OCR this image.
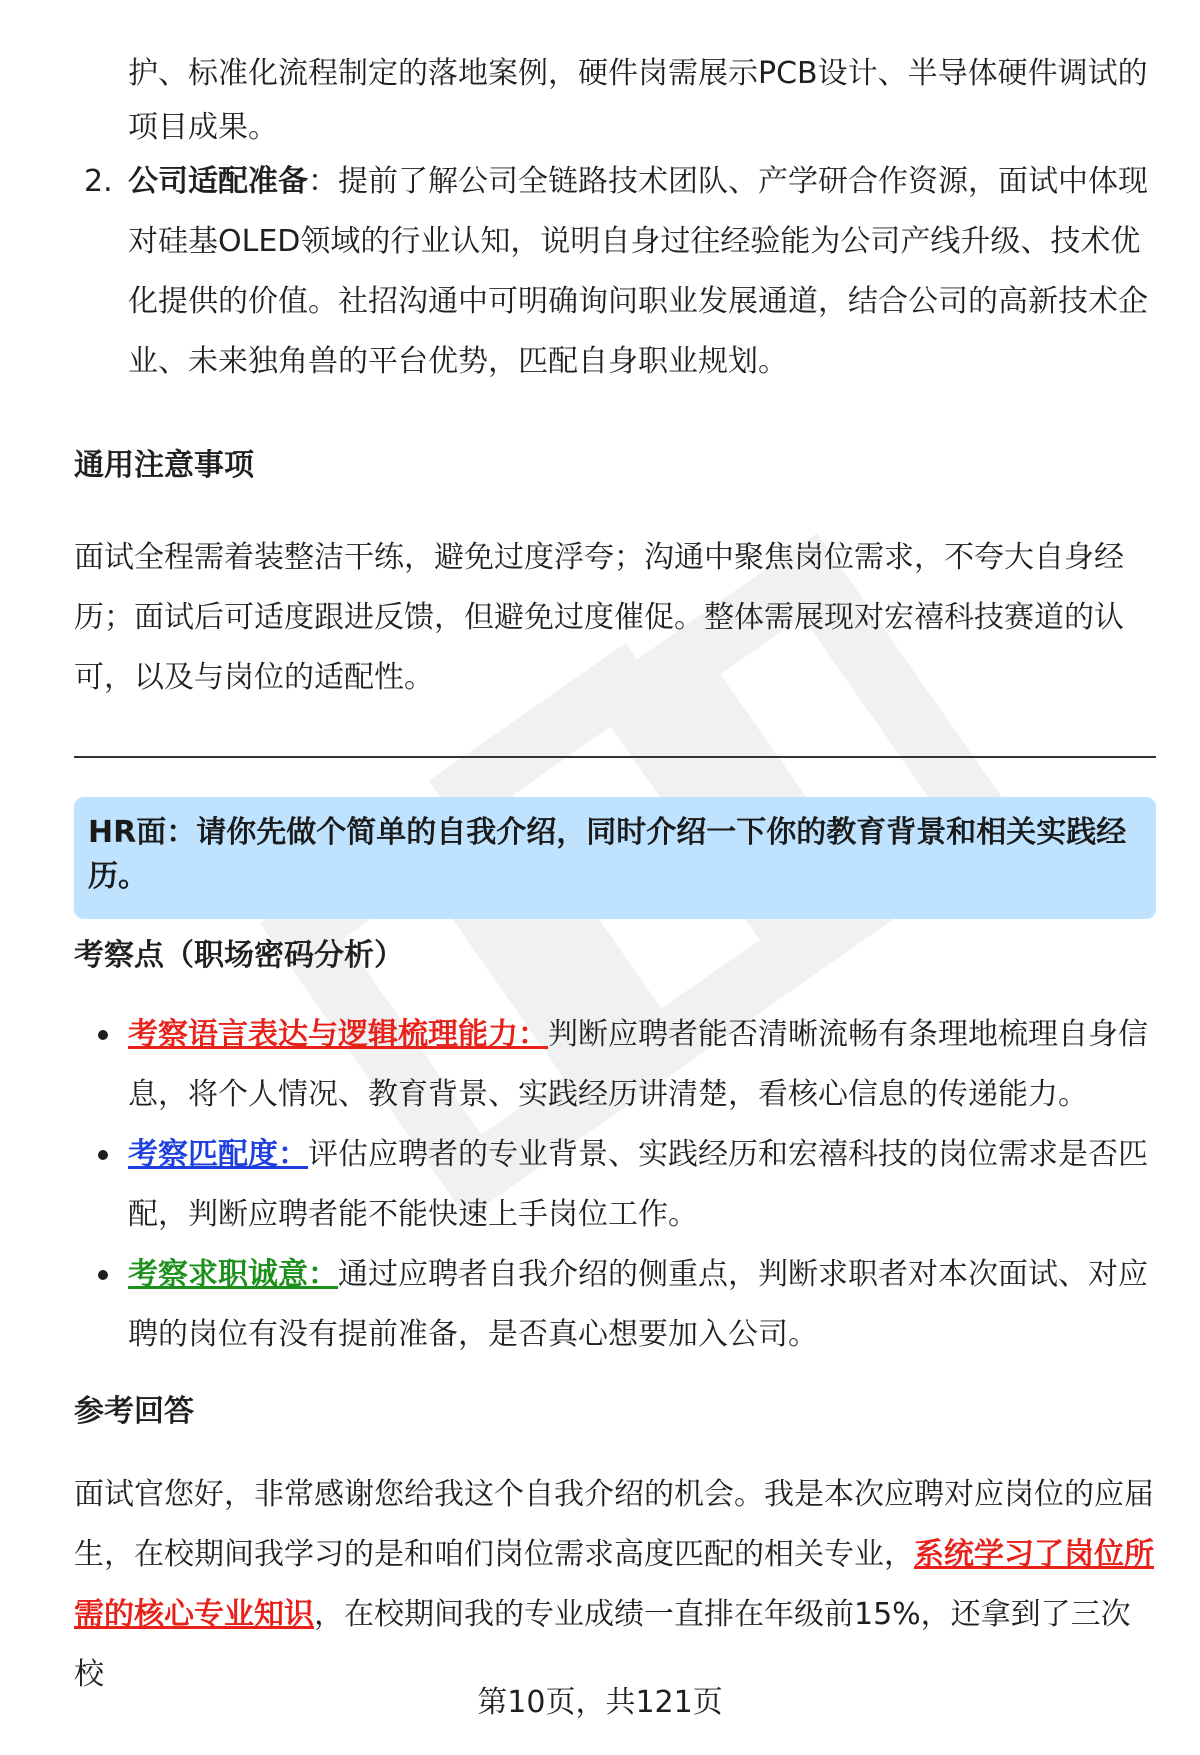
护、标准化流程制定的落地案例，硬件岗需展示PCB设计、半导体硬件调试的
项目成果。
2. 公司适配准备：提前了解公司全链路技术团队、产学研合作资源，面试中体现对硅基OLED领域的行业认知，说明自身过往经验能为公司产线升级、技术优化提供的价值。社招沟通中可明确询问职业发展通道，结合公司的高新技术企业、未来独角兽的平台优势，匹配自身职业规划。
通用注意事项
面试全程需着装整洁干练，避免过度浮夸；沟通中聚焦岗位需求，不夸大自身经历；面试后可适度跟进反馈，但避免过度催促。整体需展现对宏禧科技赛道的认可，以及与岗位的适配性。
HR面：请你先做个简单的自我介绍，同时介绍一下你的教育背景和相关实践经历。
考察点（职场密码分析）
考察语言表达与逻辑梳理能力：判断应聘者能否清晰流畅有条理地梳理自身信息，将个人情况、教育背景、实践经历讲清楚，看核心信息的传递能力。
考察匹配度：评估应聘者的专业背景、实践经历和宏禧科技的岗位需求是否匹配，判断应聘者能不能快速上手岗位工作。
考察求职诚意：通过应聘者自我介绍的侧重点，判断求职者对本次面试、对应聘的岗位有没有提前准备，是否真心想要加入公司。
参考回答
面试官您好，非常感谢您给我这个自我介绍的机会。我是本次应聘对应岗位的应届生，在校期间我学习的是和咱们岗位需求高度匹配的相关专业，系统学习了岗位所需的核心专业知识，在校期间我的专业成绩一直排在年级前15%，还拿到了三次校
第10页，共121页
